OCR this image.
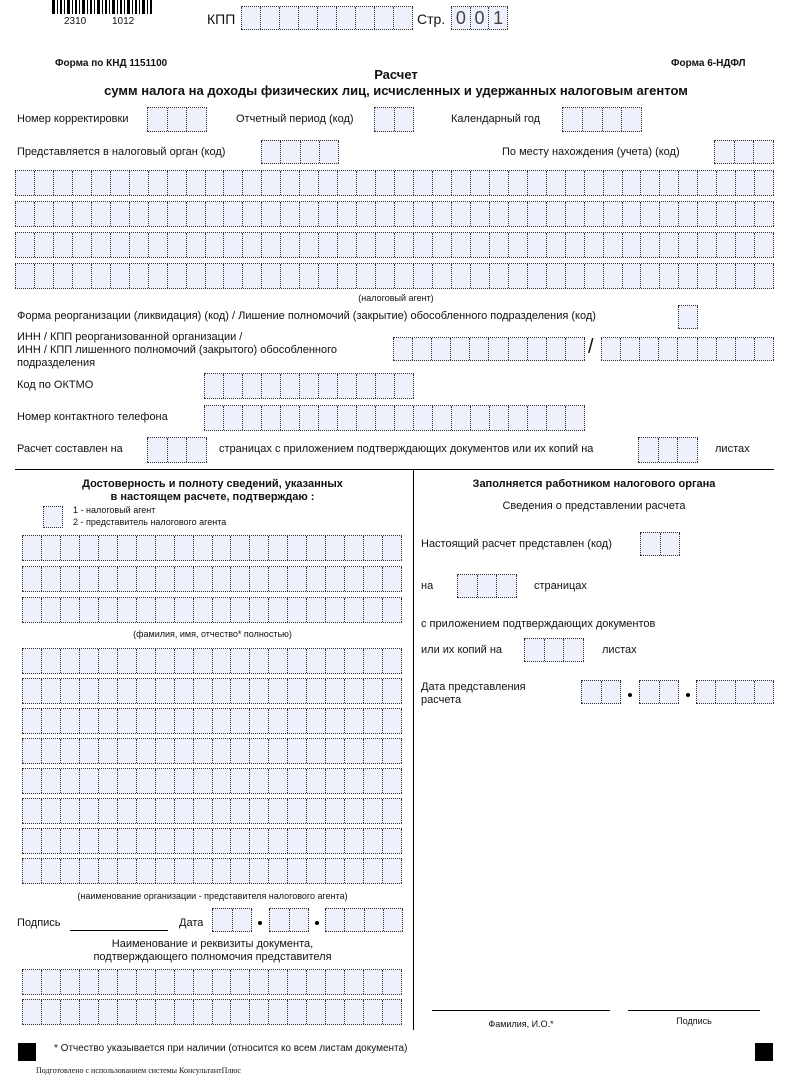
2310	1012	КПП	Стр. 0 0 1
Форма по КНД 1151100	Форма 6-НДФЛ
Расчет
сумм налога на доходы физических лиц, исчисленных и удержанных налоговым агентом
Номер корректировки	Отчетный период (код)	Календарный год
Представляется в налоговый орган (код)	По месту нахождения (учета) (код)
(налоговый агент)
Форма реорганизации (ликвидация) (код) / Лишение полномочий (закрытие) обособленного подразделения (код)
ИНН / КПП реорганизованной организации /
ИНН / КПП лишенного полномочий (закрытого) обособленного
подразделения
/
Код по ОКТМО
Номер контактного телефона
Расчет составлен на	страницах с приложением подтверждающих документов или их копий на	листах
Достоверность и полноту сведений, указанных
в настоящем расчете, подтверждаю :
1 - налоговый агент
2 - представитель налогового агента
(фамилия, имя, отчество* полностью)
(наименование организации - представителя налогового агента)
Подпись	Дата
Наименование и реквизиты документа,
подтверждающего полномочия представителя
Заполняется работником налогового органа
Сведения о представлении расчета
Настоящий расчет представлен (код)
на	страницах
с приложением подтверждающих документов
или их копий на	листах
Дата представления
расчета
Фамилия, И.О.*	Подпись
* Отчество указывается при наличии (относится ко всем листам документа)
Подготовлено с использованием системы КонсультантПлюс
